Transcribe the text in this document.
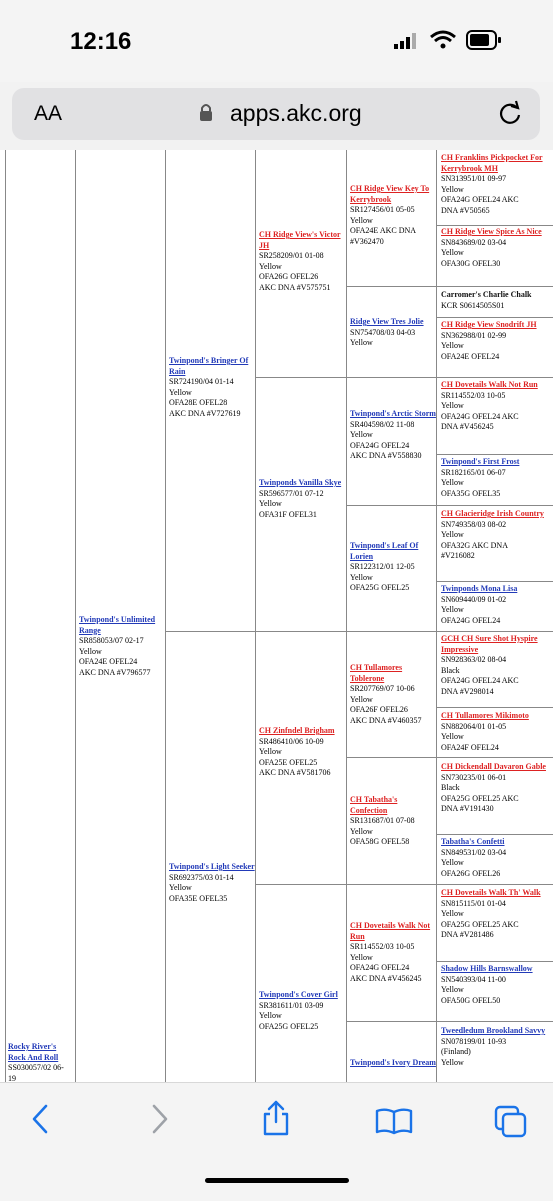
12:16
AA	apps.akc.org
Rocky River's Rock And Roll
SS030057/02 06-
19
Twinpond's Unlimited Range
SR858053/07 02-17
Yellow
OFA24E OFEL24
AKC DNA #V796577
Twinpond's Bringer Of Rain
SR724190/04 01-14
Yellow
OFA28E OFEL28
AKC DNA #V727619
Twinpond's Light Seeker
SR692375/03 01-14
Yellow
OFA35E OFEL35
CH Ridge View's Victor JH
SR258209/01 01-08
Yellow
OFA26G OFEL26
AKC DNA #V575751
Twinponds Vanilla Skye
SR596577/01 07-12
Yellow
OFA31F OFEL31
CH Zinfndel Brigham
SR486410/06 10-09
Yellow
OFA25E OFEL25
AKC DNA #V581706
Twinpond's Cover Girl
SR381611/01 03-09
Yellow
OFA25G OFEL25
CH Ridge View Key To Kerrybrook
SR127456/01 05-05
Yellow
OFA24E AKC DNA
#V362470
Ridge View Tres Jolie
SN754708/03 04-03
Yellow
Twinpond's Arctic Storm
SR404598/02 11-08
Yellow
OFA24G OFEL24
AKC DNA #V558830
Twinpond's Leaf Of Lorien
SR122312/01 12-05
Yellow
OFA25G OFEL25
CH Tullamores Toblerone
SR207769/07 10-06
Yellow
OFA26F OFEL26
AKC DNA #V460357
CH Tabatha's Confection
SR131687/01 07-08
Yellow
OFA58G OFEL58
CH Dovetails Walk Not Run
SR114552/03 10-05
Yellow
OFA24G OFEL24
AKC DNA #V456245
Twinpond's Ivory Dream
CH Franklins Pickpocket For Kerrybrook MH
SN313951/01 09-97
Yellow
OFA24G OFEL24 AKC
DNA #V50565
CH Ridge View Spice As Nice
SN843689/02 03-04
Yellow
OFA30G OFEL30
Carromer's Charlie Chalk
KCR S0614505S01
CH Ridge View Snodrift JH
SN362988/01 02-99
Yellow
OFA24E OFEL24
CH Dovetails Walk Not Run
SR114552/03 10-05
Yellow
OFA24G OFEL24 AKC
DNA #V456245
Twinpond's First Frost
SR182165/01 06-07
Yellow
OFA35G OFEL35
CH Glacieridge Irish Country
SN749358/03 08-02
Yellow
OFA32G AKC DNA
#V216082
Twinponds Mona Lisa
SN609440/09 01-02
Yellow
OFA24G OFEL24
GCH CH Sure Shot Hyspire Impressive
SN928363/02 08-04
Black
OFA24G OFEL24 AKC
DNA #V298014
CH Tullamores Mikimoto
SN882064/01 01-05
Yellow
OFA24F OFEL24
CH Dickendall Davaron Gable
SN730235/01 06-01
Black
OFA25G OFEL25 AKC
DNA #V191430
Tabatha's Confetti
SN849531/02 03-04
Yellow
OFA26G OFEL26
CH Dovetails Walk Th' Walk
SN815115/01 01-04
Yellow
OFA25G OFEL25 AKC
DNA #V281486
Shadow Hills Barnswallow
SN540393/04 11-00
Yellow
OFA50G OFEL50
Tweedledum Brookland Savvy
SN078199/01 10-93
(Finland)
Yellow
